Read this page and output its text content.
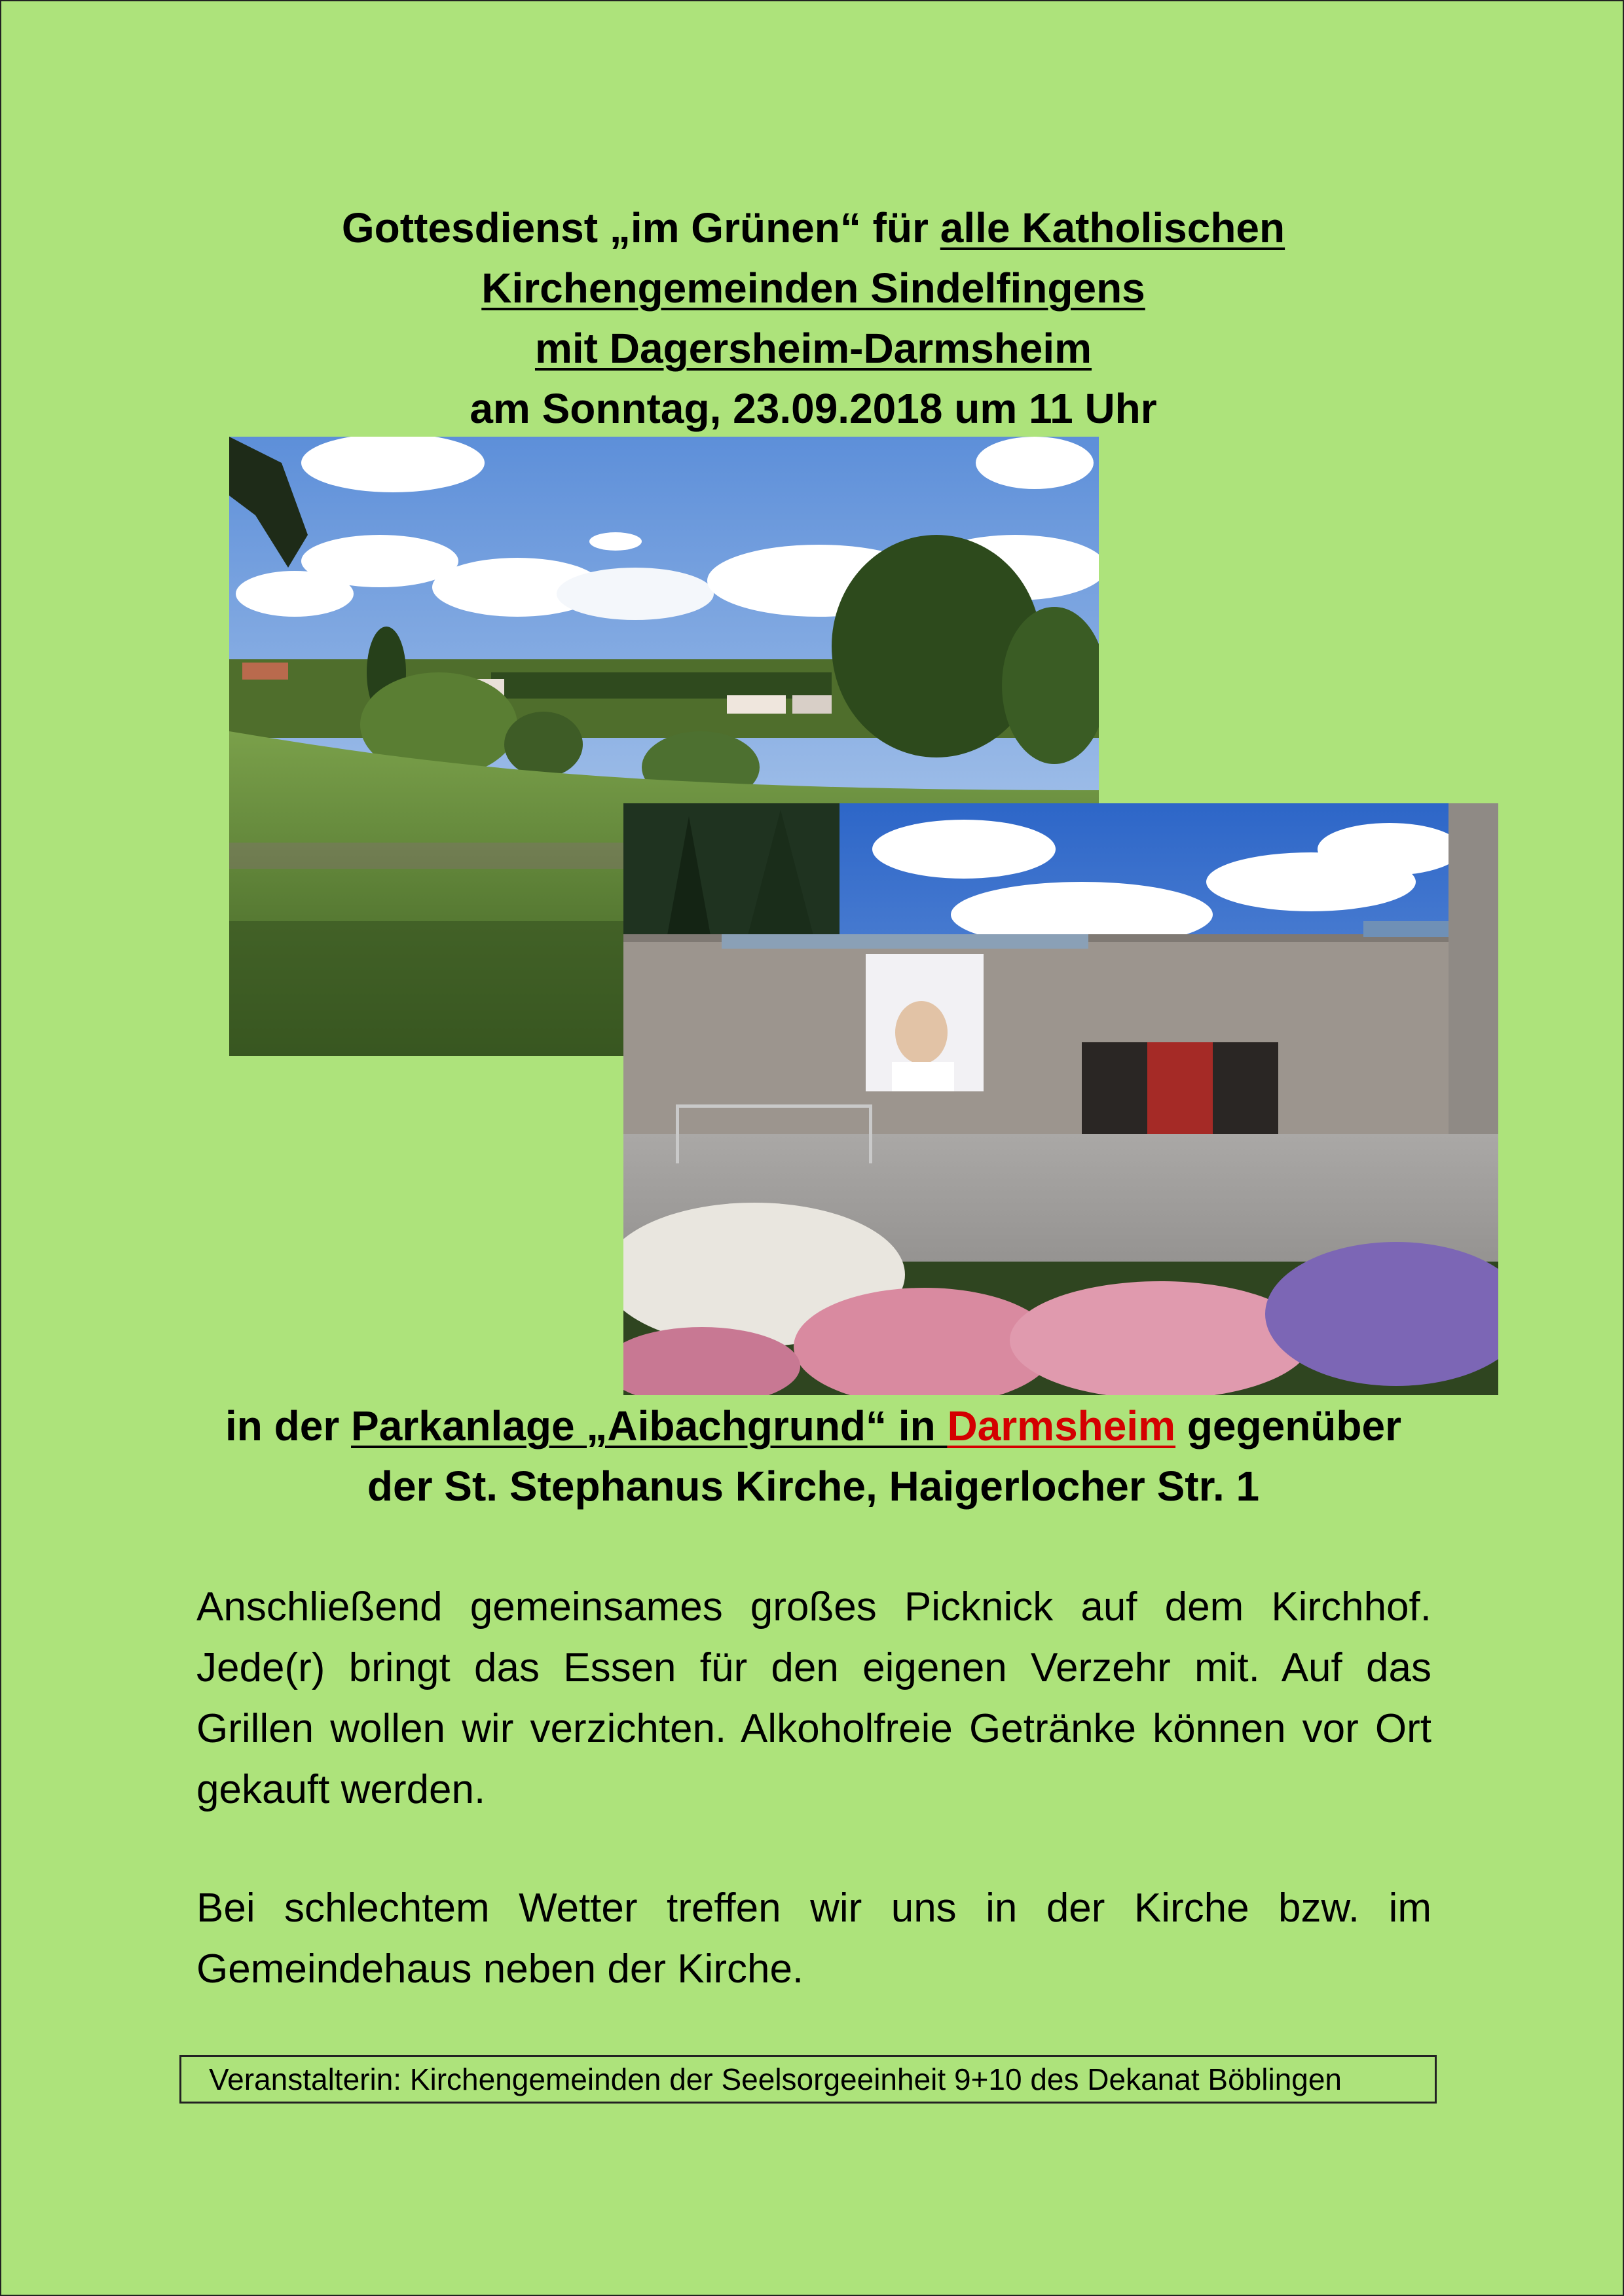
Gottesdienst „im Grünen“ für alle Katholischen
Kirchengemeinden Sindelfingens
mit Dagersheim-Darmsheim
am Sonntag, 23.09.2018 um 11 Uhr
in der Parkanlage „Aibachgrund“ in Darmsheim gegenüber
der St. Stephanus Kirche, Haigerlocher Str. 1

Anschließend gemeinsames großes Picknick auf dem Kirchhof. Jede(r) bringt das Essen für den eigenen Verzehr mit. Auf das Grillen wollen wir verzichten. Alkoholfreie Getränke können vor Ort gekauft werden.

Bei schlechtem Wetter treffen wir uns in der Kirche bzw. im Gemeindehaus neben der Kirche.

Veranstalterin: Kirchengemeinden der Seelsorgeeinheit 9+10 des Dekanat Böblingen
